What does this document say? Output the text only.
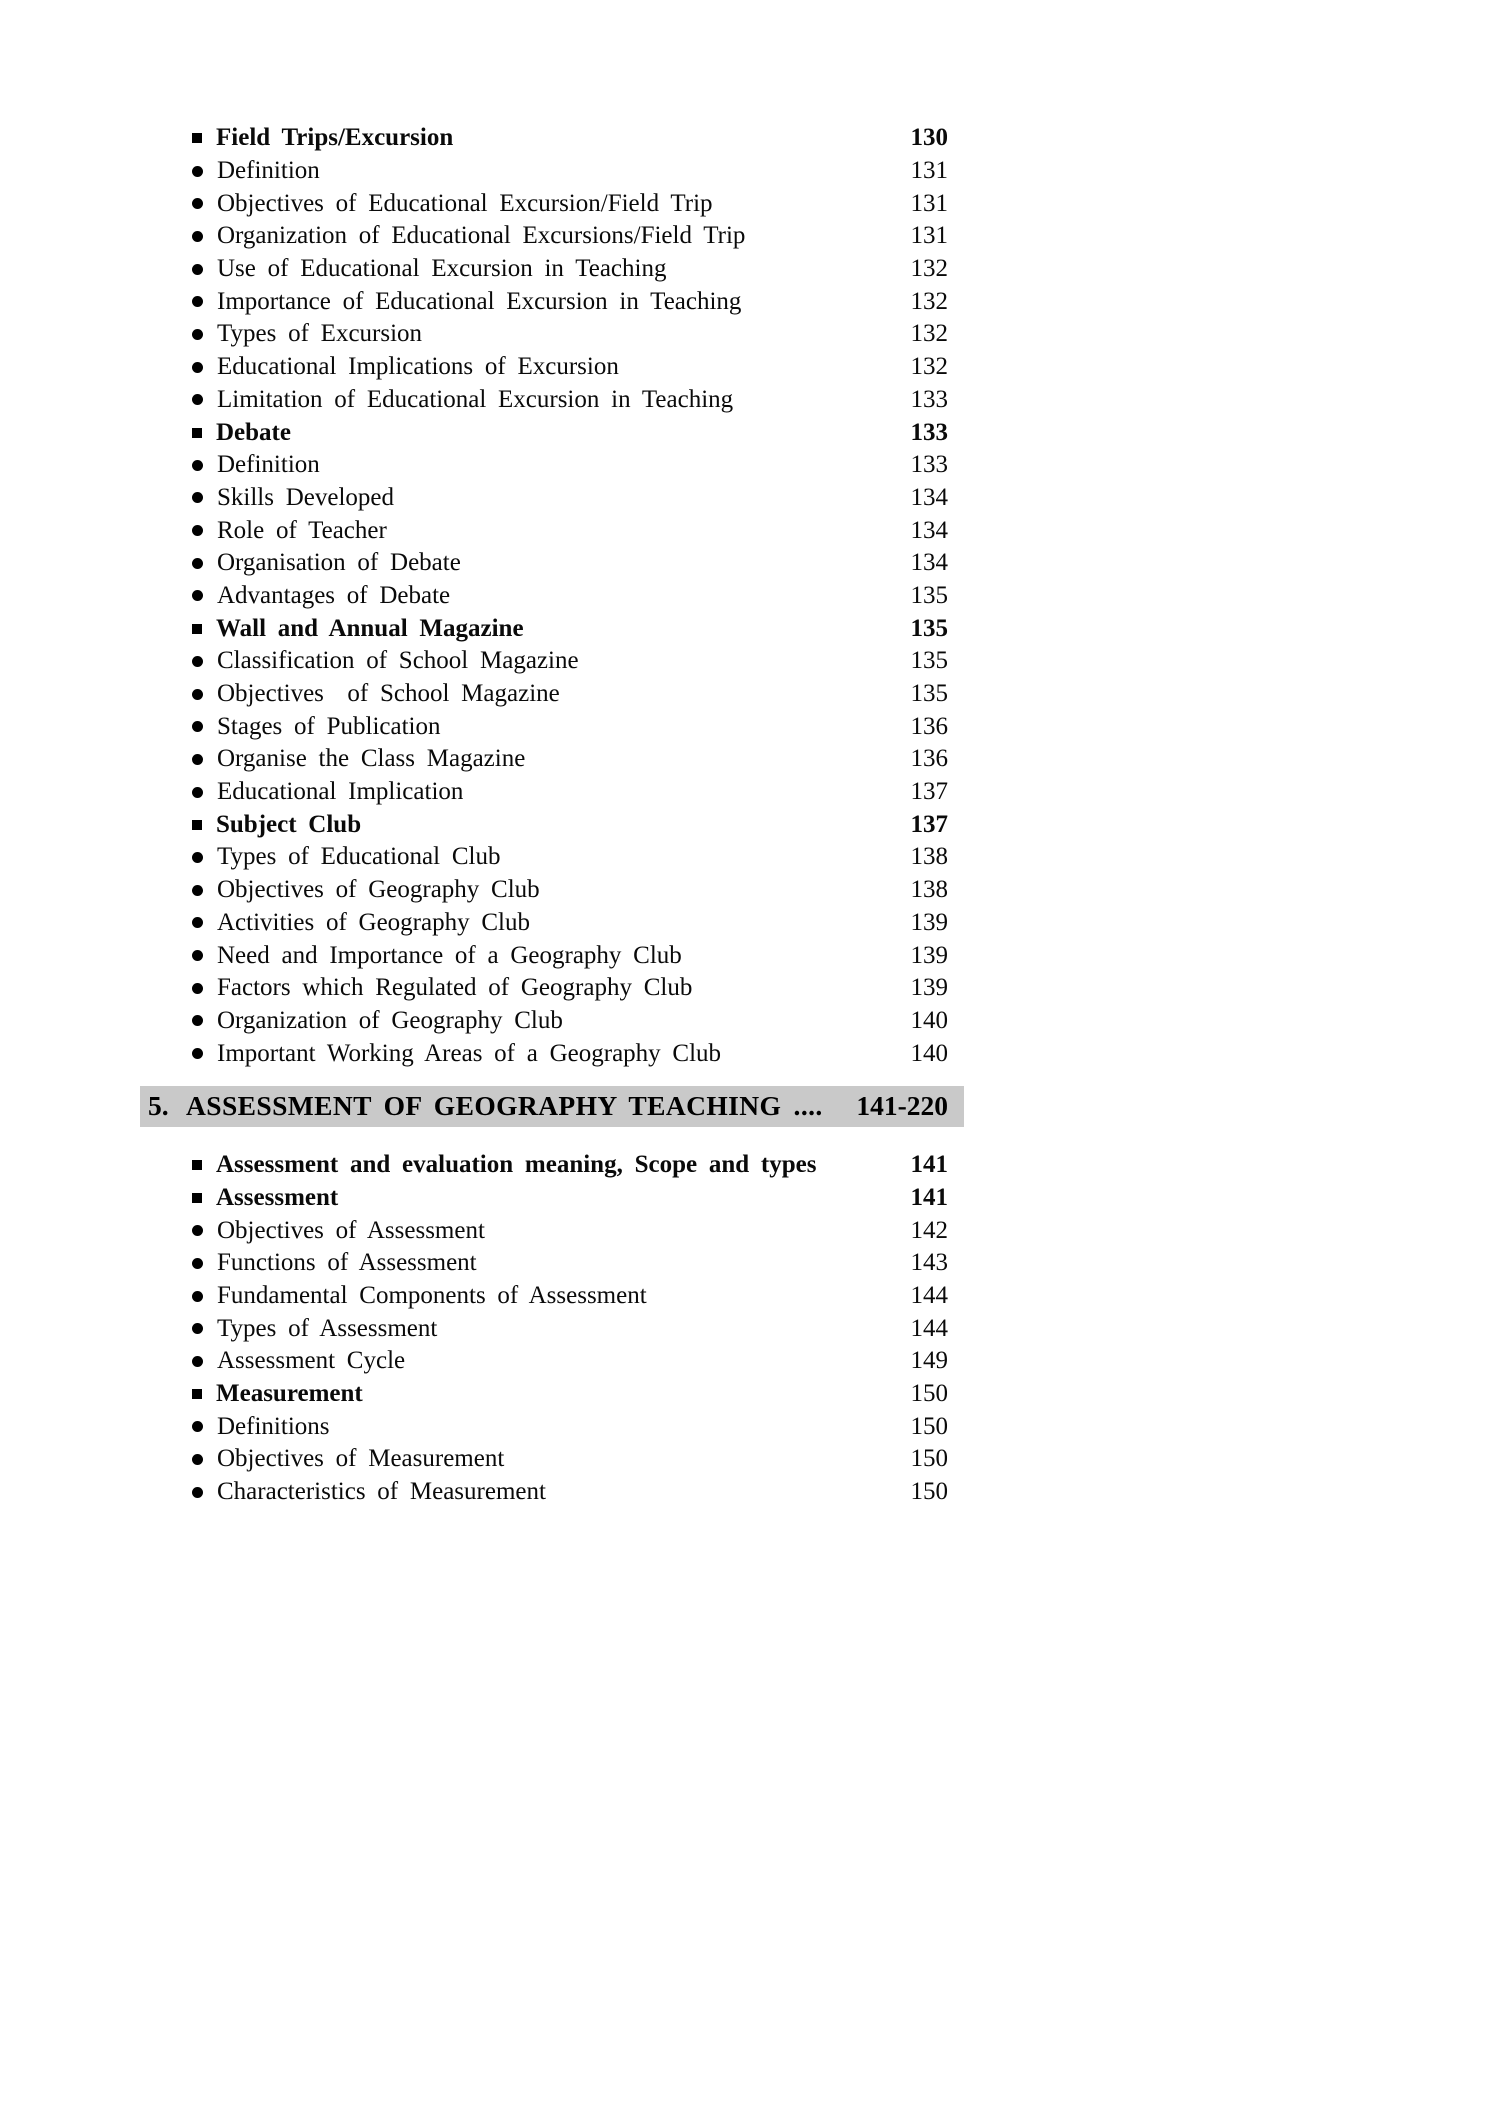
Field Trips/Excursion	130
Definition	131
Objectives of Educational Excursion/Field Trip	131
Organization of Educational Excursions/Field Trip	131
Use of Educational Excursion in Teaching	132
Importance of Educational Excursion in Teaching	132
Types of Excursion	132
Educational Implications of Excursion	132
Limitation of Educational Excursion in Teaching	133
Debate	133
Definition	133
Skills Developed	134
Role of Teacher	134
Organisation of Debate	134
Advantages of Debate	135
Wall and Annual Magazine	135
Classification of School Magazine	135
Objectives  of School Magazine	135
Stages of Publication	136
Organise the Class Magazine	136
Educational Implication	137
Subject Club	137
Types of Educational Club	138
Objectives of Geography Club	138
Activities of Geography Club	139
Need and Importance of a Geography Club	139
Factors which Regulated of Geography Club	139
Organization of Geography Club	140
Important Working Areas of a Geography Club	140
5. ASSESSMENT OF GEOGRAPHY TEACHING ....	141-220
Assessment and evaluation meaning, Scope and types	141
Assessment	141
Objectives of Assessment	142
Functions of Assessment	143
Fundamental Components of Assessment	144
Types of Assessment	144
Assessment Cycle	149
Measurement	150
Definitions	150
Objectives of Measurement	150
Characteristics of Measurement	150
